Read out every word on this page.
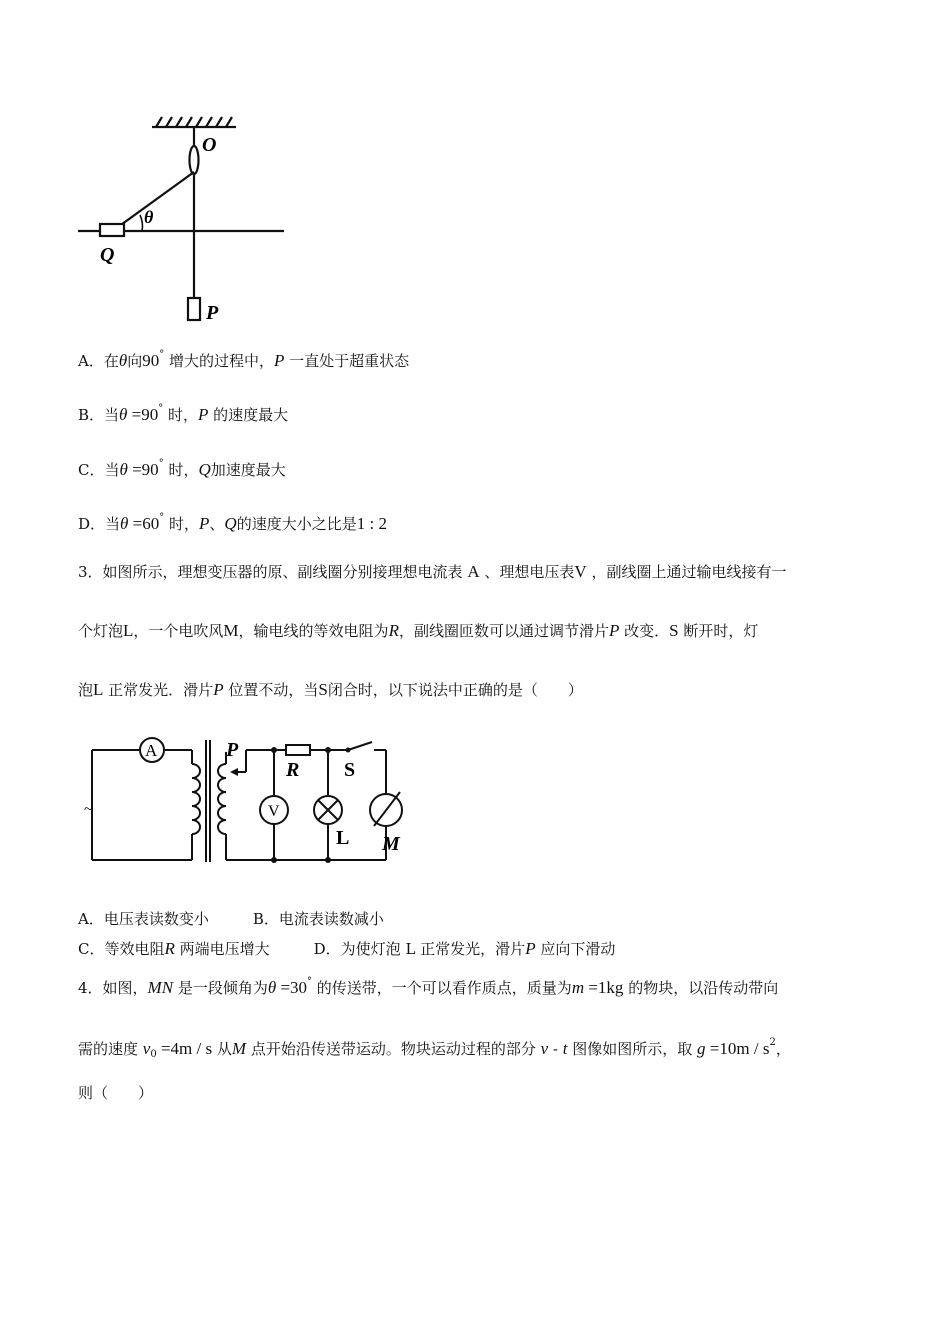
O
θ
Q
P
A．在θ向90° 增大的过程中，P 一直处于超重状态
B．当θ =90° 时，P 的速度最大
C．当θ =90° 时，Q加速度最大
D．当θ =60° 时，P、Q的速度大小之比是1 : 2
3．如图所示，理想变压器的原、副线圈分别接理想电流表 A 、理想电压表V ，副线圈上通过输电线接有一
个灯泡L，一个电吹风M，输电线的等效电阻为R，副线圈匝数可以通过调节滑片P 改变．S 断开时，灯
泡L 正常发光．滑片P 位置不动，当S闭合时，以下说法中正确的是（　　）
A
~
P
R S
V
L M
A．电压表读数变小	B．电流表读数减小
C．等效电阻R 两端电压增大	D．为使灯泡 L 正常发光，滑片P 应向下滑动
4．如图，MN 是一段倾角为θ =30° 的传送带，一个可以看作质点，质量为m =1kg 的物块，以沿传动带向
需的速度 $v_0 =4m / s$ 从M 点开始沿传送带运动。物块运动过程的部分 v - t 图像如图所示，取 $g =10m / s^2$，
则（　　）
